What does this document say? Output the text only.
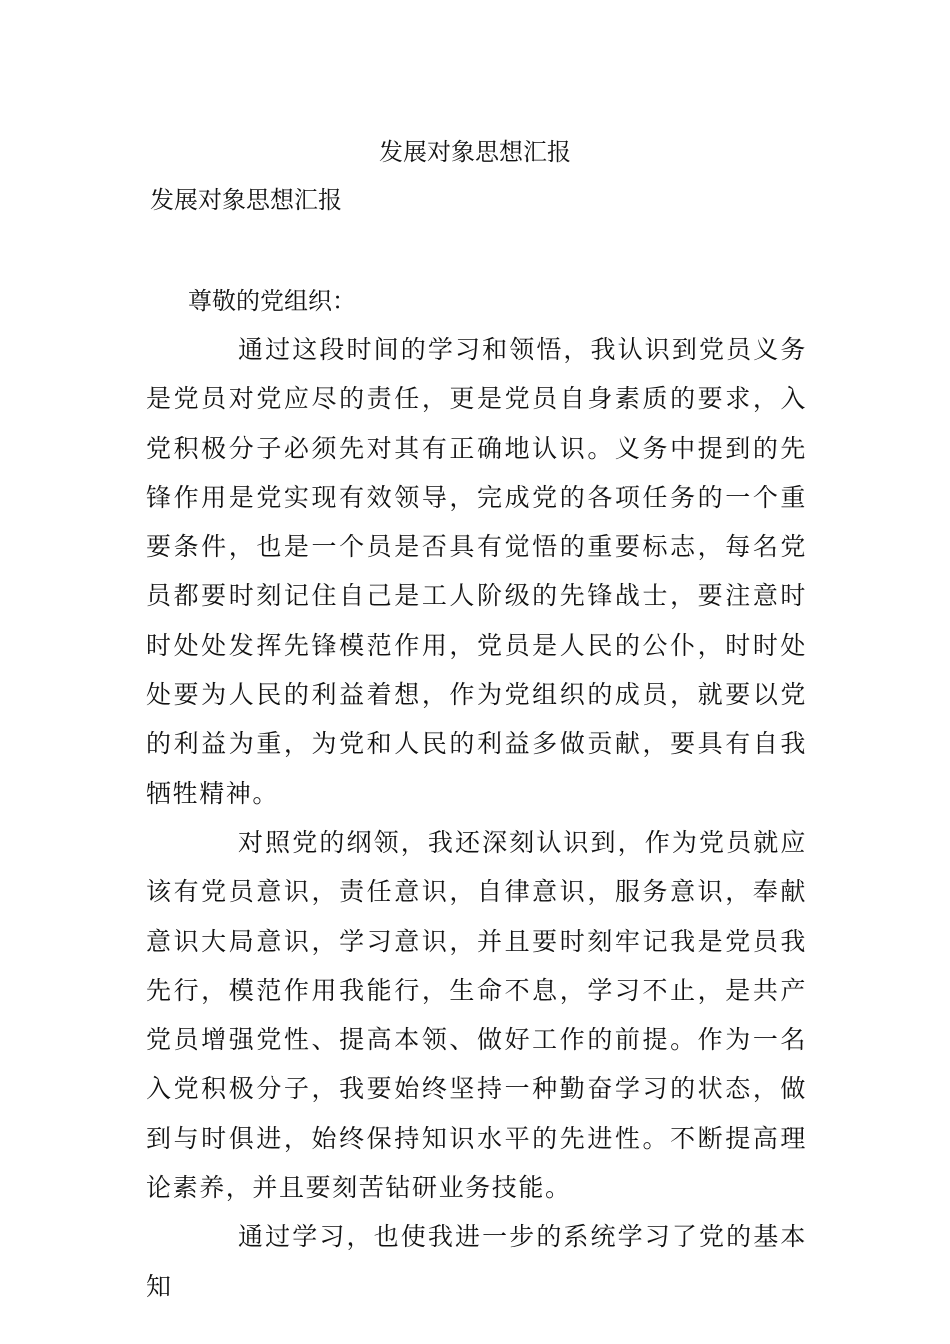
发展对象思想汇报
发展对象思想汇报

尊敬的党组织：

通过这段时间的学习和领悟，我认识到党员义务是党员对党应尽的责任，更是党员自身素质的要求，入党积极分子必须先对其有正确地认识。义务中提到的先锋作用是党实现有效领导，完成党的各项任务的一个重要条件，也是一个员是否具有觉悟的重要标志，每名党员都要时刻记住自己是工人阶级的先锋战士，要注意时时处处发挥先锋模范作用，党员是人民的公仆，时时处处要为人民的利益着想，作为党组织的成员，就要以党的利益为重，为党和人民的利益多做贡献，要具有自我牺牲精神。

对照党的纲领，我还深刻认识到，作为党员就应该有党员意识，责任意识，自律意识，服务意识，奉献意识大局意识，学习意识，并且要时刻牢记我是党员我先行，模范作用我能行，生命不息，学习不止，是共产党员增强党性、提高本领、做好工作的前提。作为一名入党积极分子，我要始终坚持一种勤奋学习的状态，做到与时俱进，始终保持知识水平的先进性。不断提高理论素养，并且要刻苦钻研业务技能。

通过学习，也使我进一步的系统学习了党的基本知
